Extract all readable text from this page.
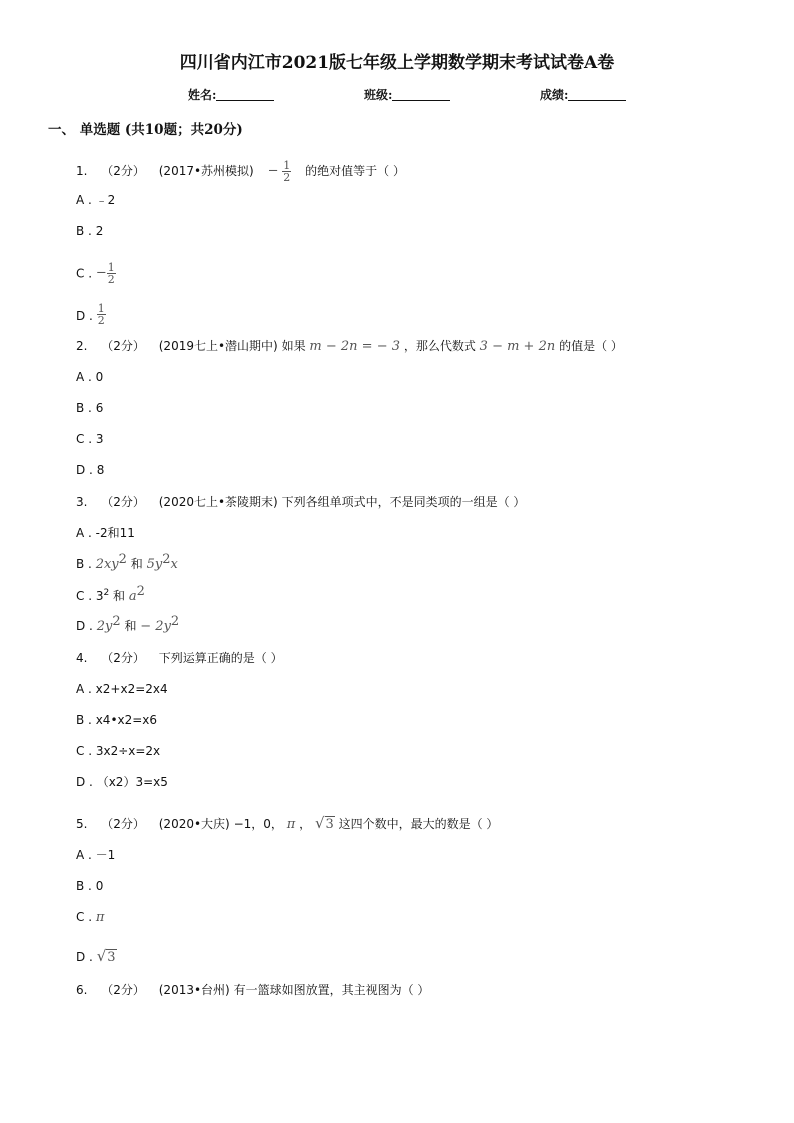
四川省内江市2021版七年级上学期数学期末考试试卷A卷
姓名:	班级:	成绩:
一、 单选题 (共10题；共20分)
1. （2分） (2017•苏州模拟) − $\frac{1}{2}$ 的绝对值等于（ ）
A . ﹣2
B . 2
C . − $\frac{1}{2}$
D . $\frac{1}{2}$
2. （2分） (2019七上•潜山期中) 如果 m − 2n = − 3 ，那么代数式 3 − m + 2n 的值是（ ）
A . 0
B . 6
C . 3
D . 8
3. （2分） (2020七上•茶陵期末) 下列各组单项式中，不是同类项的一组是（ ）
A . -2和11
B . $2xy^2$ 和 $5y^2x$
C . $3^2$ 和 $a^2$
D . $2y^2$ 和 − $2y^2$
4. （2分） 下列运算正确的是（ ）
A . x2+x2=2x4
B . x4•x2=x6
C . 3x2÷x=2x
D . （x2）3=x5
5. （2分） (2020•大庆) −1，0， π ， √3 这四个数中，最大的数是（ ）
A . －1
B . 0
C . π
D . √3
6. （2分） (2013•台州) 有一篮球如图放置，其主视图为（ ）
